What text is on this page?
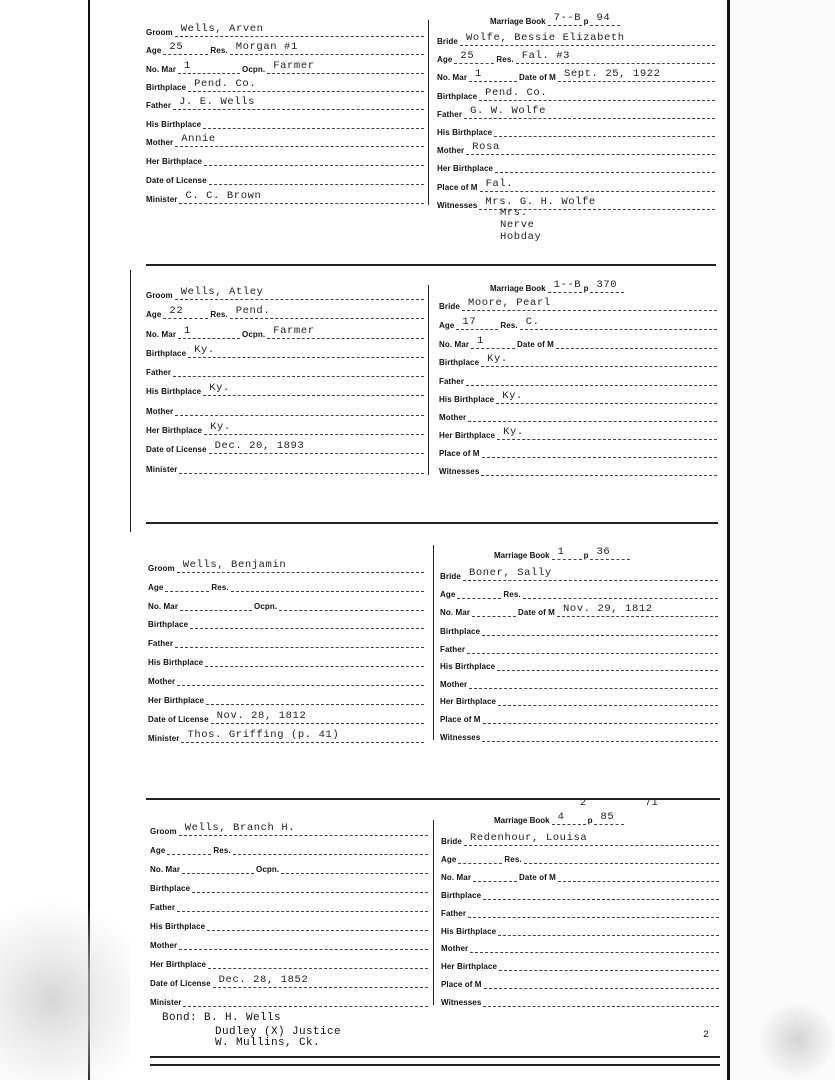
Groom Wells, Arven
Age 25	Res. Morgan #1
No. Mar 1	Ocpn. Farmer
Birthplace Pend. Co.
Father J. E. Wells
His Birthplace
Mother Annie
Her Birthplace
Date of License
Minister C. C. Brown
Marriage Book 7--B p 94
Bride Wolfe, Bessie Elizabeth
Age 25	Res. Fal. #3
No. Mar 1	Date of M Sept. 25, 1922
Birthplace Pend. Co.
Father G. W. Wolfe
His Birthplace
Mother Rosa
Her Birthplace
Place of M Fal.
Witnesses Mrs. G. H. Wolfe
Mrs. Nerve Hobday
Groom Wells, Atley
Age 22	Res. Pend.
No. Mar 1	Ocpn. Farmer
Birthplace Ky.
Father
His Birthplace Ky.
Mother
Her Birthplace Ky.
Date of License Dec. 20, 1893
Minister
Marriage Book 1--B p 370
Bride Moore, Pearl
Age 17	Res. C.
No. Mar 1	Date of M
Birthplace Ky.
Father
His Birthplace Ky.
Mother
Her Birthplace Ky.
Place of M
Witnesses
Groom Wells, Benjamin
Age	Res.
No. Mar	Ocpn.
Birthplace
Father
His Birthplace
Mother
Her Birthplace
Date of License Nov. 28, 1812
Minister Thos. Griffing (p. 41)
Marriage Book 1 p 36
Bride Boner, Sally
Age	Res.
No. Mar	Date of M Nov. 29, 1812
Birthplace
Father
His Birthplace
Mother
Her Birthplace
Place of M
Witnesses
2	71
Groom Wells, Branch H.
Age	Res.
No. Mar	Ocpn.
Birthplace
Father
His Birthplace
Mother
Her Birthplace
Date of License Dec. 28, 1852
Minister
Marriage Book 4	p 85
Bride Redenhour, Louisa
Age	Res.
No. Mar	Date of M
Birthplace
Father
His Birthplace
Mother
Her Birthplace
Place of M
Witnesses
Bond: B. H. Wells
Dudley (X) Justice
W. Mullins, Ck.
2
